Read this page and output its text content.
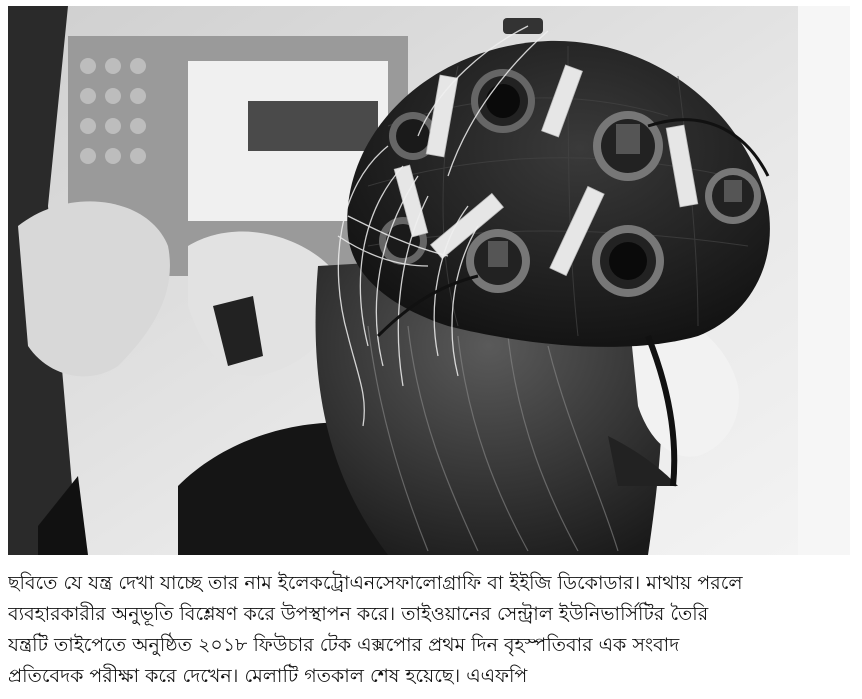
ছবিতে যে যন্ত্র দেখা যাচ্ছে তার নাম ইলেকট্রোএনসেফালোগ্রাফি বা ইইজি ডিকোডার। মাথায় পরলে

ব্যবহারকারীর অনুভূতি বিশ্লেষণ করে উপস্থাপন করে। তাইওয়ানের সেন্ট্রাল ইউনিভার্সিটির তৈরি

যন্ত্রটি তাইপেতে অনুষ্ঠিত ২০১৮ ফিউচার টেক এক্সপোর প্রথম দিন বৃহস্পতিবার এক সংবাদ

প্রতিবেদক পরীক্ষা করে দেখেন। মেলাটি গতকাল শেষ হয়েছে। এএফপি
